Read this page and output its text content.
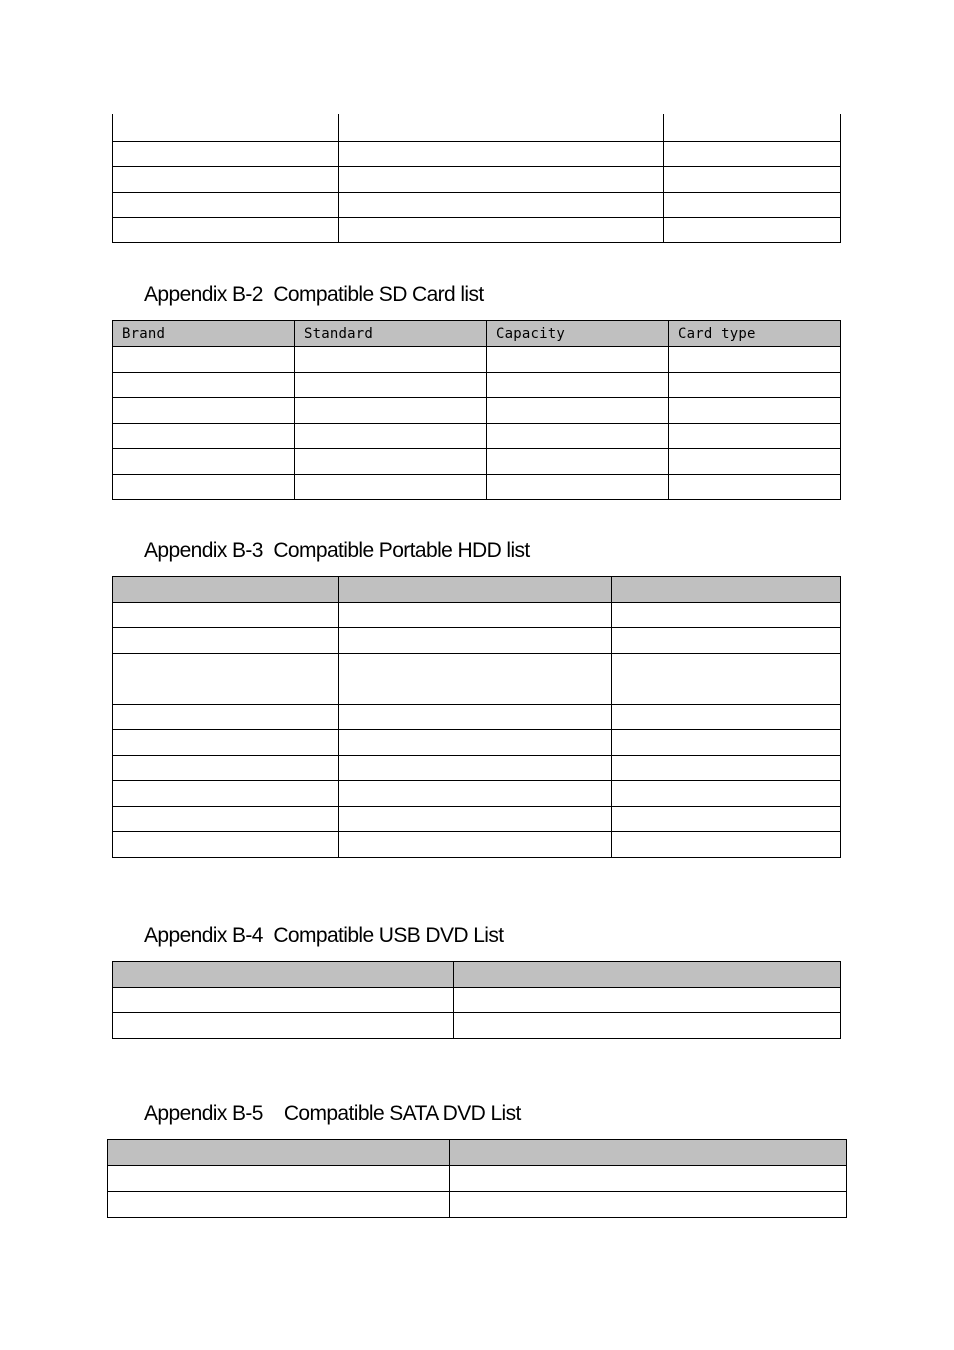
Appendix B-2  Compatible SD Card list
Brand	Standard	Capacity	Card type

Appendix B-3  Compatible Portable HDD list

Appendix B-4  Compatible USB DVD List

Appendix B-5    Compatible SATA DVD List
